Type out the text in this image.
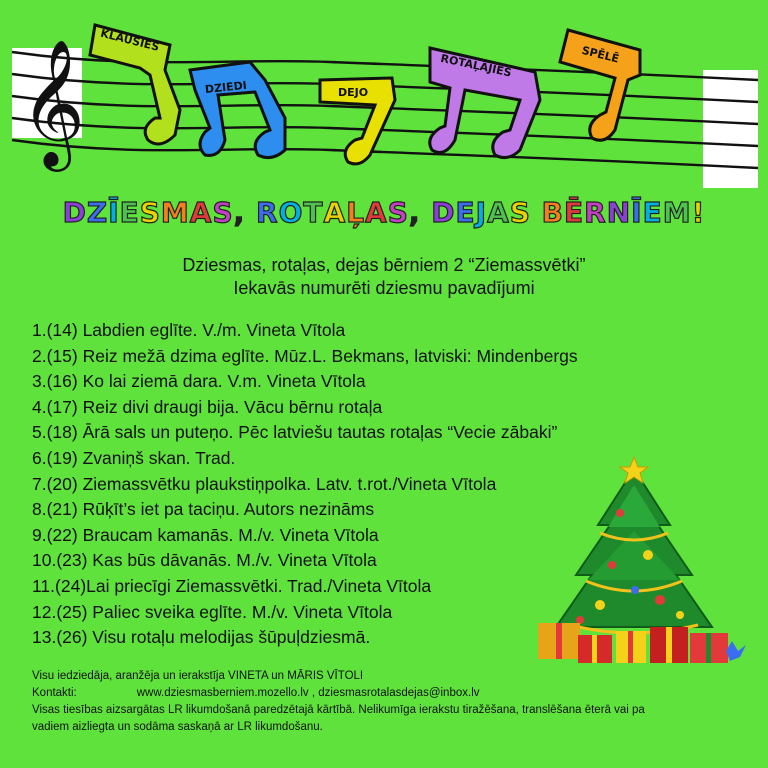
𝄞 KLAUSIES
DZIEDI	DEJO
ROTAĻĀJIES	SPĒLĒ
DZĪESMAS, ROTAĻAS, DEJAS BĒRNĪEM!
Dziesmas, rotaļas, dejas bērniem 2 “Ziemassvētki”
Iekavās numurēti dziesmu pavadījumi
1.(14) Labdien eglīte. V./m. Vineta Vītola
2.(15) Reiz mežā dzima eglīte. Mūz.L. Bekmans, latviski: Mindenbergs
3.(16) Ko lai ziemā dara. V.m. Vineta Vītola
4.(17) Reiz divi draugi bija. Vācu bērnu rotaļa
5.(18) Ārā sals un puteņo. Pēc latviešu tautas rotaļas “Vecie zābaki”
6.(19) Zvaniņš skan. Trad.
7.(20) Ziemassvētku plaukstiņpolka. Latv. t.rot./Vineta Vītola
8.(21) Rūķīt’s iet pa taciņu. Autors nezināms
9.(22) Braucam kamanās. M./v. Vineta Vītola
10.(23) Kas būs dāvanās. M./v. Vineta Vītola
11.(24)Lai priecīgi Ziemassvētki. Trad./Vineta Vītola
12.(25) Paliec sveika eglīte. M./v. Vineta Vītola
13.(26) Visu rotaļu melodijas šūpuļdziesmā.
Visu iedziedāja, aranžēja un ierakstīja VINETA un MĀRIS VĪTOLI
Kontakti:	www.dziesmasberniem.mozello.lv , dziesmasrotalasdejas@inbox.lv
Visas tiesības aizsargātas LR likumdošanā paredzētajā kārtībā. Nelikumīga ierakstu tiražēšana, translēšana ēterā vai pa
vadiem aizliegta un sodāma saskaņā ar LR likumdošanu.
